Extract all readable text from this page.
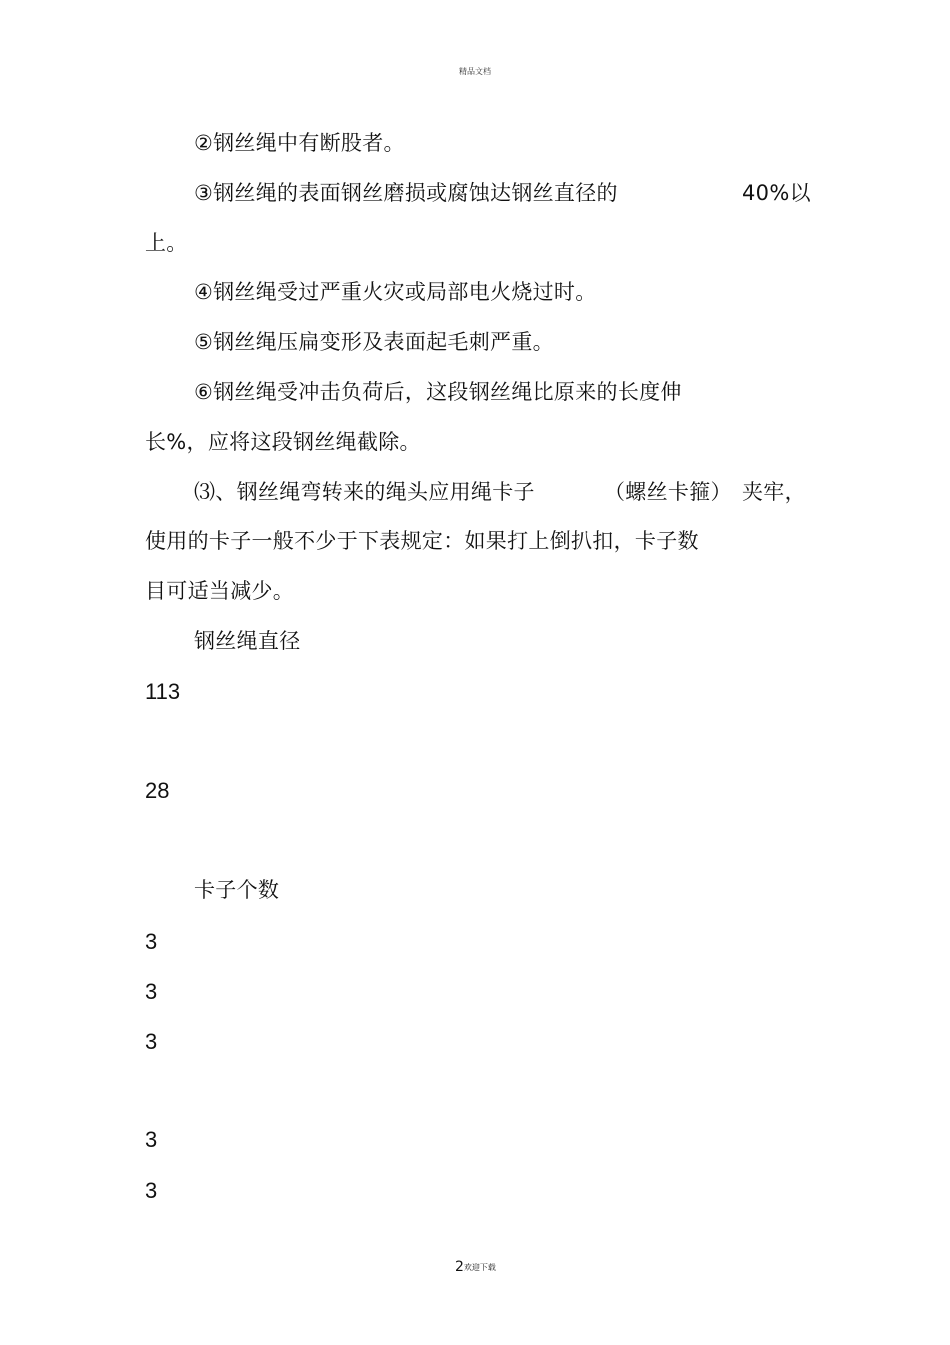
精品文档
②钢丝绳中有断股者。
③钢丝绳的表面钢丝磨损或腐蚀达钢丝直径的	40%以
上。
④钢丝绳受过严重火灾或局部电火烧过时。
⑤钢丝绳压扁变形及表面起毛刺严重。
⑥钢丝绳受冲击负荷后，这段钢丝绳比原来的长度伸
长%，应将这段钢丝绳截除。
⑶、钢丝绳弯转来的绳头应用绳卡子	（螺丝卡箍） 夹牢，
使用的卡子一般不少于下表规定：如果打上倒扒扣，卡子数
目可适当减少。
钢丝绳直径
113
28
卡子个数
3
3
3
3
3
2欢迎下载
